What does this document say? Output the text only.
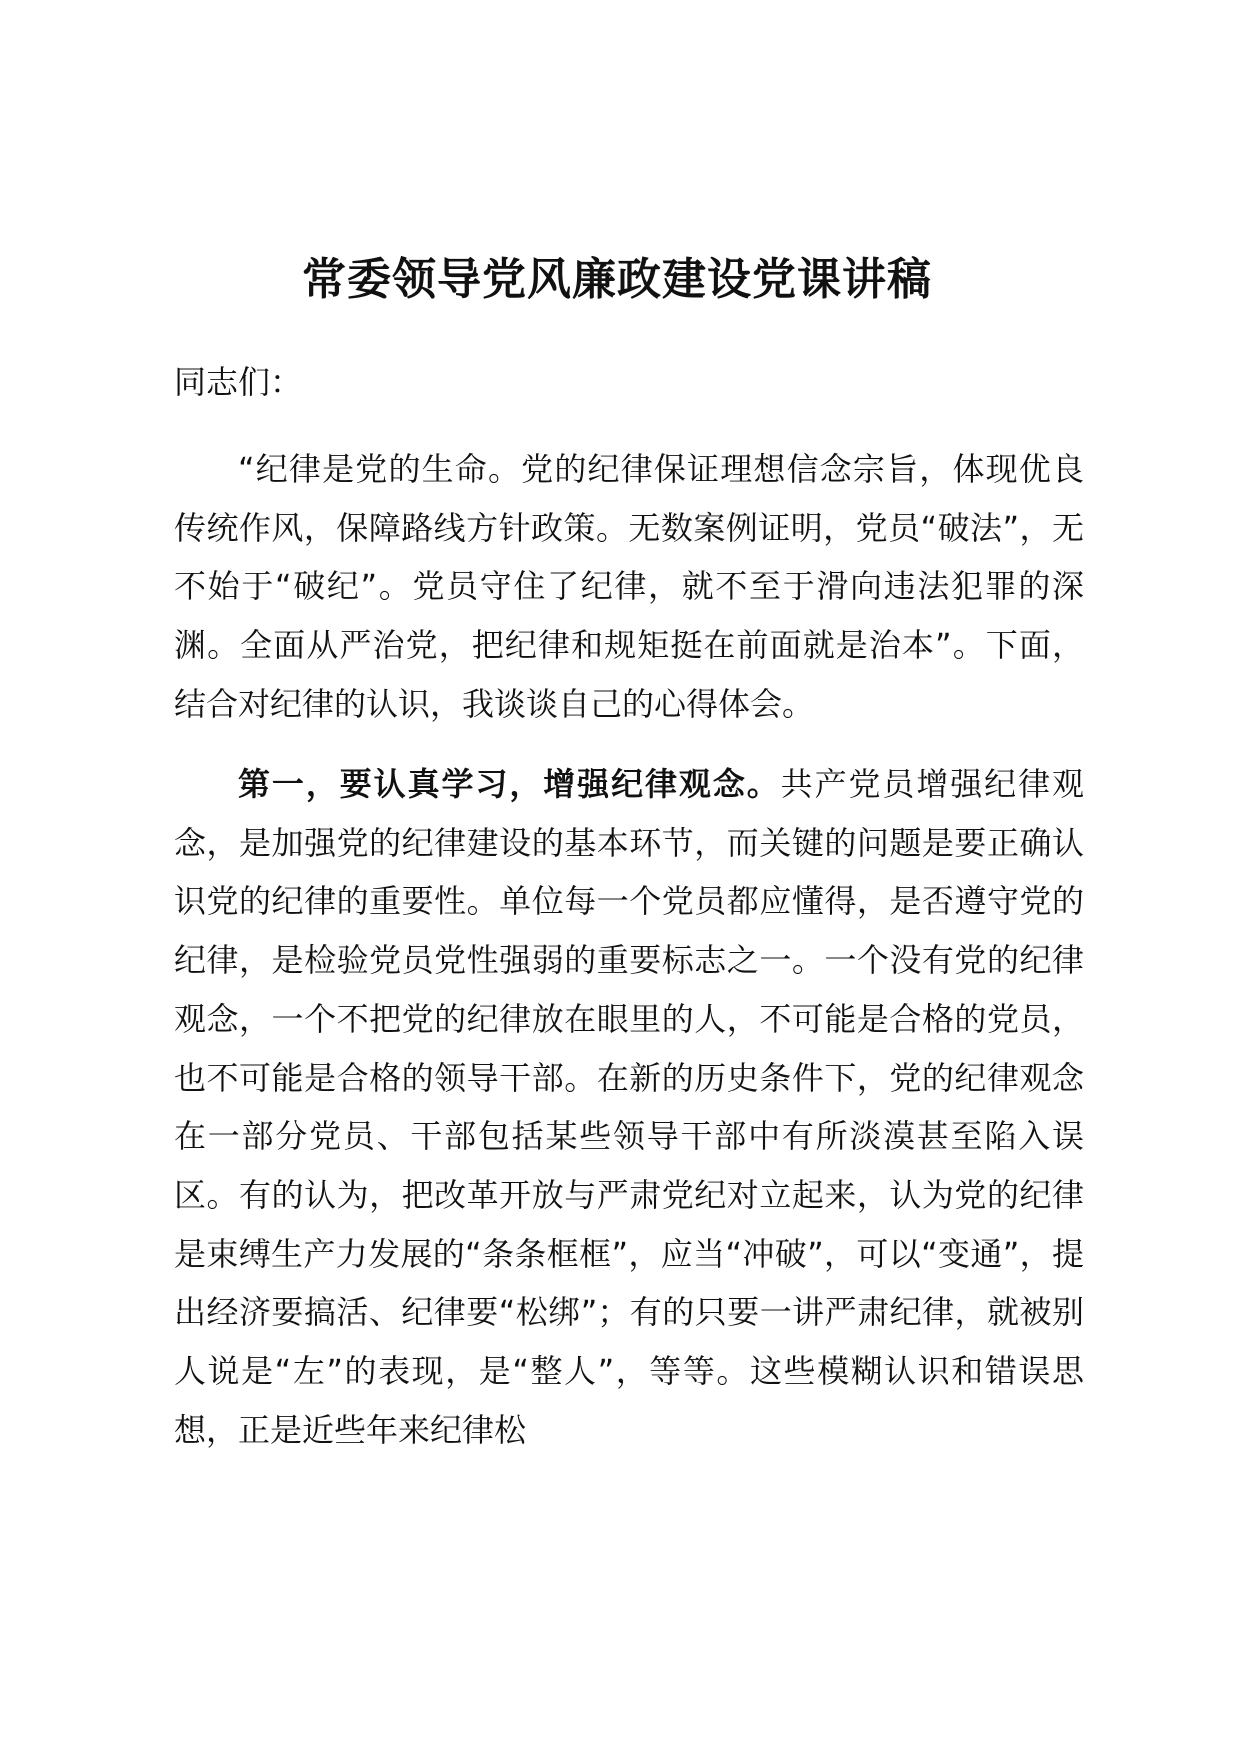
常委领导党风廉政建设党课讲稿

同志们：

“纪律是党的生命。党的纪律保证理想信念宗旨，体现优良传统作风，保障路线方针政策。无数案例证明，党员“破法”，无不始于“破纪”。党员守住了纪律，就不至于滑向违法犯罪的深渊。全面从严治党，把纪律和规矩挺在前面就是治本”。下面，结合对纪律的认识，我谈谈自己的心得体会。

第一，要认真学习，增强纪律观念。共产党员增强纪律观念，是加强党的纪律建设的基本环节，而关键的问题是要正确认识党的纪律的重要性。单位每一个党员都应懂得，是否遵守党的纪律，是检验党员党性强弱的重要标志之一。一个没有党的纪律观念，一个不把党的纪律放在眼里的人，不可能是合格的党员，也不可能是合格的领导干部。在新的历史条件下，党的纪律观念在一部分党员、干部包括某些领导干部中有所淡漠甚至陷入误区。有的认为，把改革开放与严肃党纪对立起来，认为党的纪律是束缚生产力发展的“条条框框”，应当“冲破”，可以“变通”，提出经济要搞活、纪律要“松绑”；有的只要一讲严肃纪律，就被别人说是“左”的表现，是“整人”，等等。这些模糊认识和错误思想，正是近些年来纪律松
